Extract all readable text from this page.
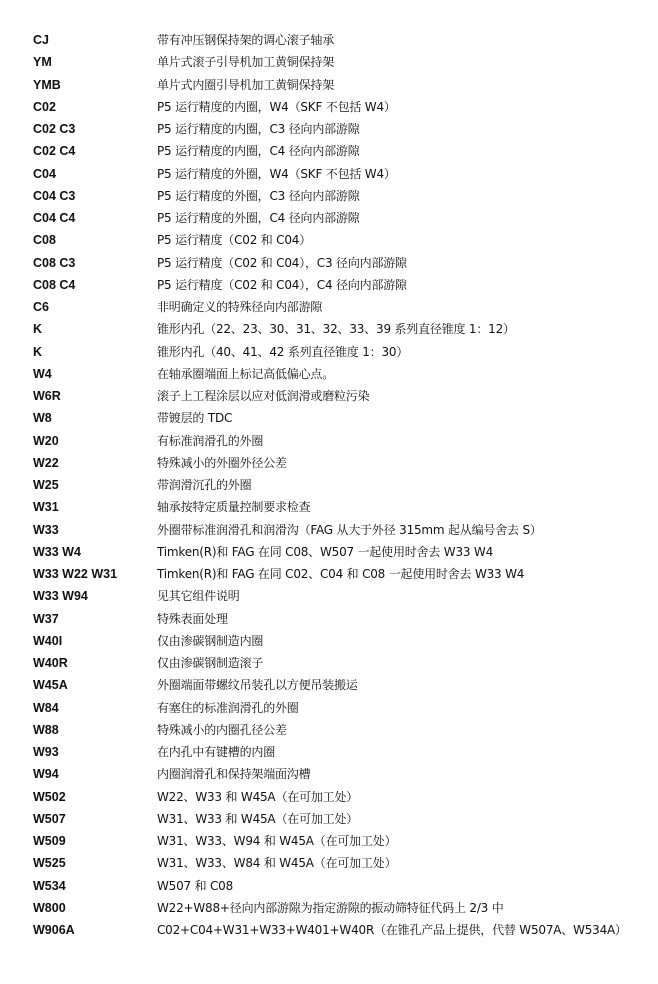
CJ	带有冲压钢保持架的调心滚子轴承
YM	单片式滚子引导机加工黄铜保持架
YMB	单片式内圈引导机加工黄铜保持架
C02	P5 运行精度的内圈，W4（SKF 不包括 W4）
C02 C3	P5 运行精度的内圈，C3 径向内部游隙
C02 C4	P5 运行精度的内圈，C4 径向内部游隙
C04	P5 运行精度的外圈，W4（SKF 不包括 W4）
C04 C3	P5 运行精度的外圈，C3 径向内部游隙
C04 C4	P5 运行精度的外圈，C4 径向内部游隙
C08	P5 运行精度（C02 和 C04）
C08 C3	P5 运行精度（C02 和 C04），C3 径向内部游隙
C08 C4	P5 运行精度（C02 和 C04），C4 径向内部游隙
C6	非明确定义的特殊径向内部游隙
K	锥形内孔（22、23、30、31、32、33、39 系列直径锥度 1：12）
K	锥形内孔（40、41、42 系列直径锥度 1：30）
W4	在轴承圈端面上标记高低偏心点。
W6R	滚子上工程涂层以应对低润滑或磨粒污染
W8	带镀层的 TDC
W20	有标准润滑孔的外圈
W22	特殊减小的外圈外径公差
W25	带润滑沉孔的外圈
W31	轴承按特定质量控制要求检查
W33	外圈带标准润滑孔和润滑沟（FAG 从大于外径 315mm 起从编号舍去 S）
W33 W4	Timken(R)和 FAG 在同 C08、W507 一起使用时舍去 W33 W4
W33 W22 W31	Timken(R)和 FAG 在同 C02、C04 和 C08 一起使用时舍去 W33 W4
W33 W94	见其它组件说明
W37	特殊表面处理
W40I	仅由渗碳钢制造内圈
W40R	仅由渗碳钢制造滚子
W45A	外圈端面带螺纹吊装孔以方便吊装搬运
W84	有塞住的标准润滑孔的外圈
W88	特殊减小的内圈孔径公差
W93	在内孔中有键槽的内圈
W94	内圈润滑孔和保持架端面沟槽
W502	W22、W33 和 W45A（在可加工处）
W507	W31、W33 和 W45A（在可加工处）
W509	W31、W33、W94 和 W45A（在可加工处）
W525	W31、W33、W84 和 W45A（在可加工处）
W534	W507 和 C08
W800	W22+W88+径向内部游隙为指定游隙的振动筛特征代码上 2/3 中
W906A	C02+C04+W31+W33+W401+W40R（在锥孔产品上提供，代替 W507A、W534A）
